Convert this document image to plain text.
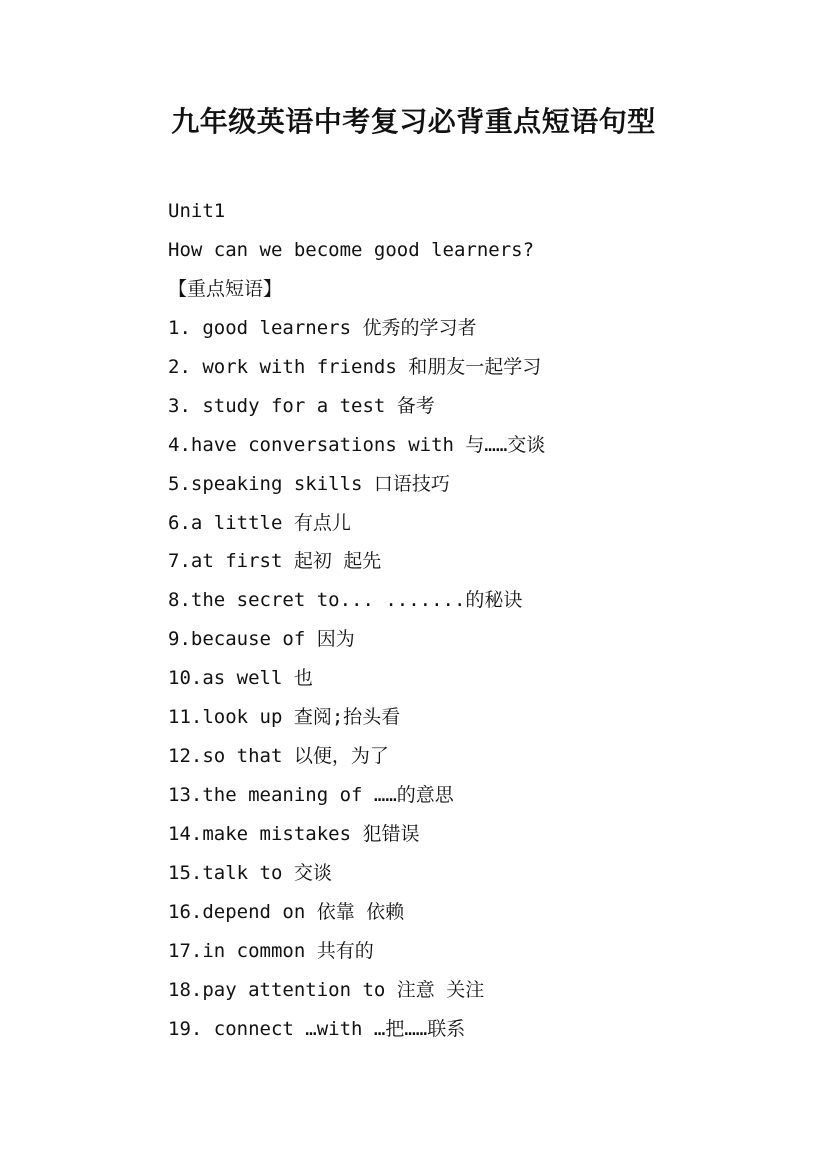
九年级英语中考复习必背重点短语句型
Unit1
How can we become good learners?
【重点短语】
1. good learners 优秀的学习者
2. work with friends 和朋友一起学习
3. study for a test 备考
4.have conversations with 与……交谈
5.speaking skills 口语技巧
6.a little 有点儿
7.at first 起初 起先
8.the secret to... .......的秘诀
9.because of 因为
10.as well 也
11.look up 查阅;抬头看
12.so that 以便，为了
13.the meaning of ……的意思
14.make mistakes 犯错误
15.talk to 交谈
16.depend on 依靠 依赖
17.in common 共有的
18.pay attention to 注意 关注
19. connect …with …把……联系
